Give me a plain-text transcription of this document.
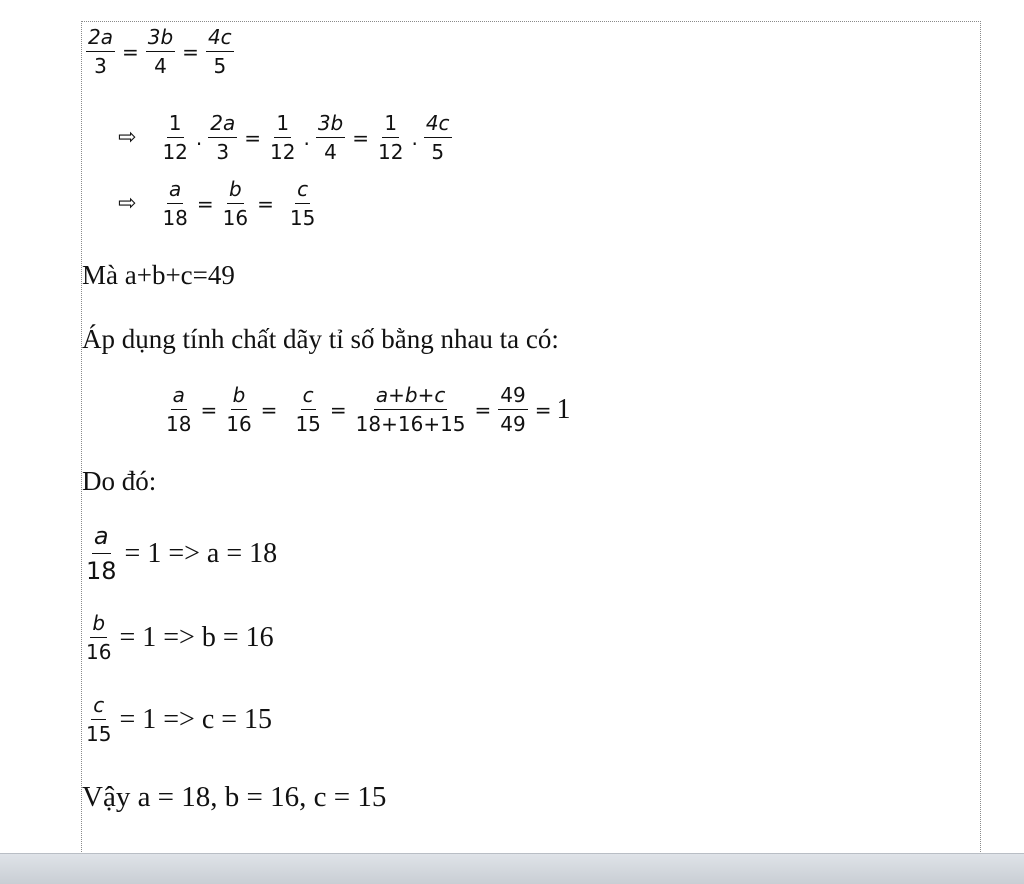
$\frac{2a}{3} = \frac{3b}{4} = \frac{4c}{5}$
⇨ $\frac{1}{12}$ . $\frac{2a}{3} = \frac{1}{12}$ . $\frac{3b}{4} = \frac{1}{12}$ . $\frac{4c}{5}$
⇨ $\frac{a}{18} = \frac{b}{16} = \frac{c}{15}$
Mà a+b+c=49
Áp dụng tính chất dãy tỉ số bằng nhau ta có:
$\frac{a}{18} = \frac{b}{16} = \frac{c}{15} = \frac{a+b+c}{18+16+15} = \frac{49}{49} = 1$
Do đó:
$\frac{a}{18} = 1 => a = 18$
$\frac{b}{16} = 1 => b = 16$
$\frac{c}{15} = 1 => c = 15$
Vậy a = 18, b = 16, c = 15
